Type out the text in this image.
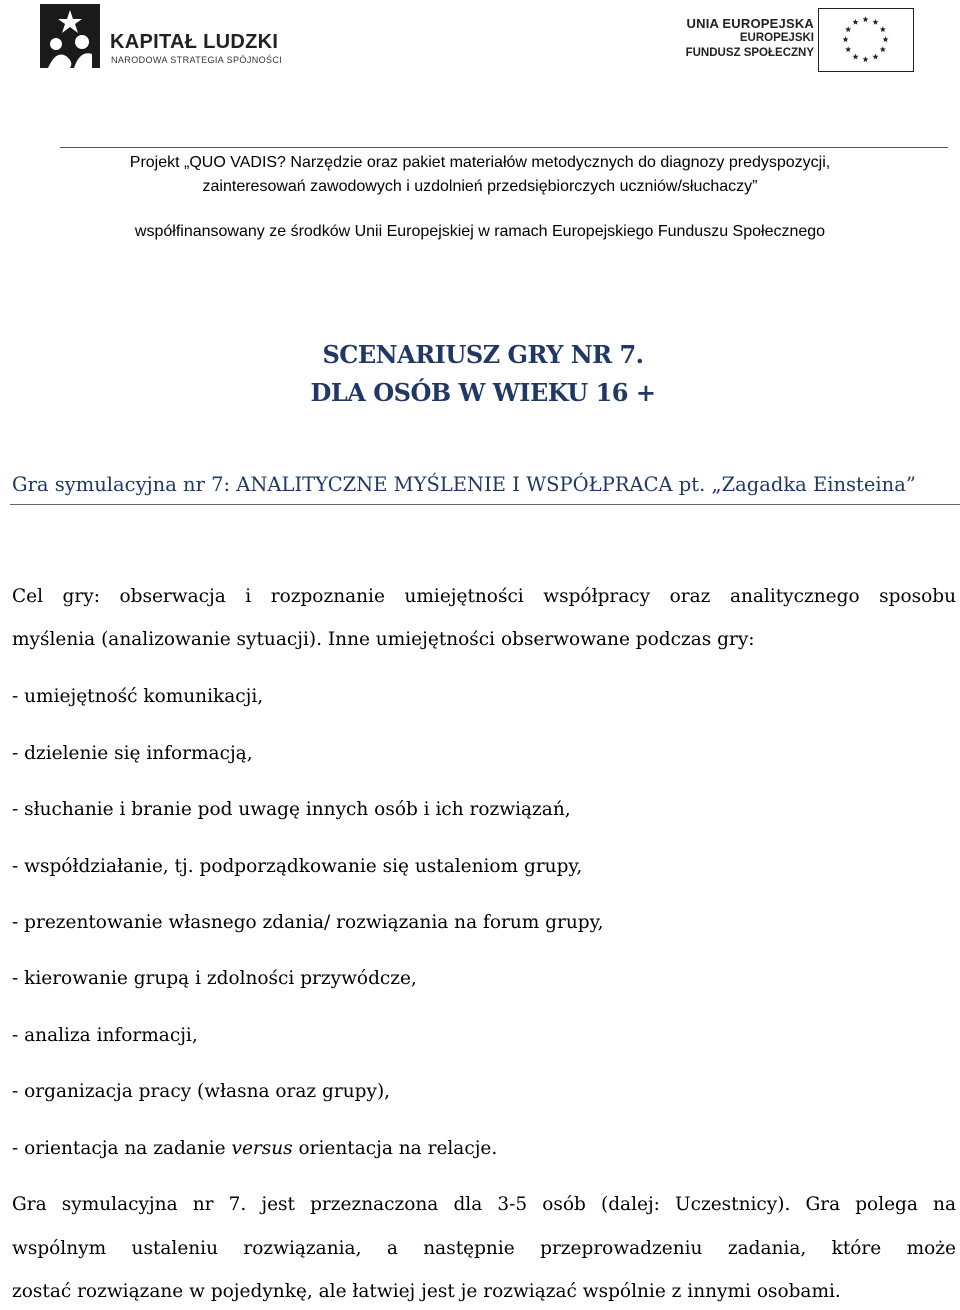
KAPITAŁ LUDZKI
NARODOWA STRATEGIA SPÓJNOŚCI
UNIA EUROPEJSKA
EUROPEJSKI
FUNDUSZ SPOŁECZNY
Projekt „QUO VADIS? Narzędzie oraz pakiet materiałów metodycznych do diagnozy predyspozycji,
zainteresowań zawodowych i uzdolnień przedsiębiorczych uczniów/słuchaczy”
współfinansowany ze środków Unii Europejskiej w ramach Europejskiego Funduszu Społecznego
SCENARIUSZ GRY NR 7.
DLA OSÓB W WIEKU 16 +
Gra symulacyjna nr 7: ANALITYCZNE MYŚLENIE I WSPÓŁPRACA pt. „Zagadka Einsteina”
Cel gry: obserwacja i rozpoznanie umiejętności współpracy oraz analitycznego sposobu
myślenia (analizowanie sytuacji). Inne umiejętności obserwowane podczas gry:
- umiejętność komunikacji,
- dzielenie się informacją,
- słuchanie i branie pod uwagę innych osób i ich rozwiązań,
- współdziałanie, tj. podporządkowanie się ustaleniom grupy,
- prezentowanie własnego zdania/ rozwiązania na forum grupy,
- kierowanie grupą i zdolności przywódcze,
- analiza informacji,
- organizacja pracy (własna oraz grupy),
- orientacja na zadanie versus orientacja na relacje.
Gra symulacyjna nr 7. jest przeznaczona dla 3-5 osób (dalej: Uczestnicy). Gra polega na
wspólnym ustaleniu rozwiązania, a następnie przeprowadzeniu zadania, które może
zostać rozwiązane w pojedynkę, ale łatwiej jest je rozwiązać wspólnie z innymi osobami.
